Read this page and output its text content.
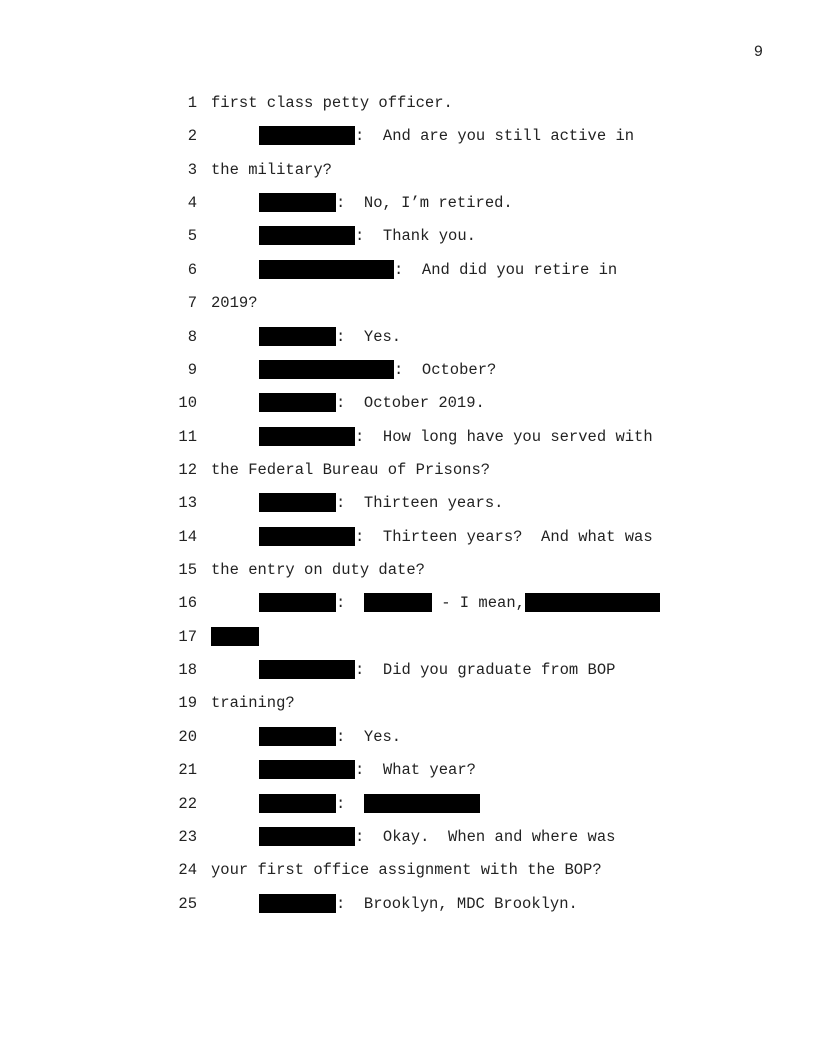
9
1 first class petty officer.
2	:  And are you still active in
3 the military?
4	:  No, I’m retired.
5	:  Thank you.
6	:  And did you retire in
7 2019?
8	:  Yes.
9	:  October?
10	:  October 2019.
11	:  How long have you served with
12 the Federal Bureau of Prisons?
13	:  Thirteen years.
14	:  Thirteen years?  And what was
15 the entry on duty date?
16	:	- I mean,
17
18	:  Did you graduate from BOP
19 training?
20	:  Yes.
21	:  What year?
22	:
23	:  Okay.  When and where was
24 your first office assignment with the BOP?
25	:  Brooklyn, MDC Brooklyn.
